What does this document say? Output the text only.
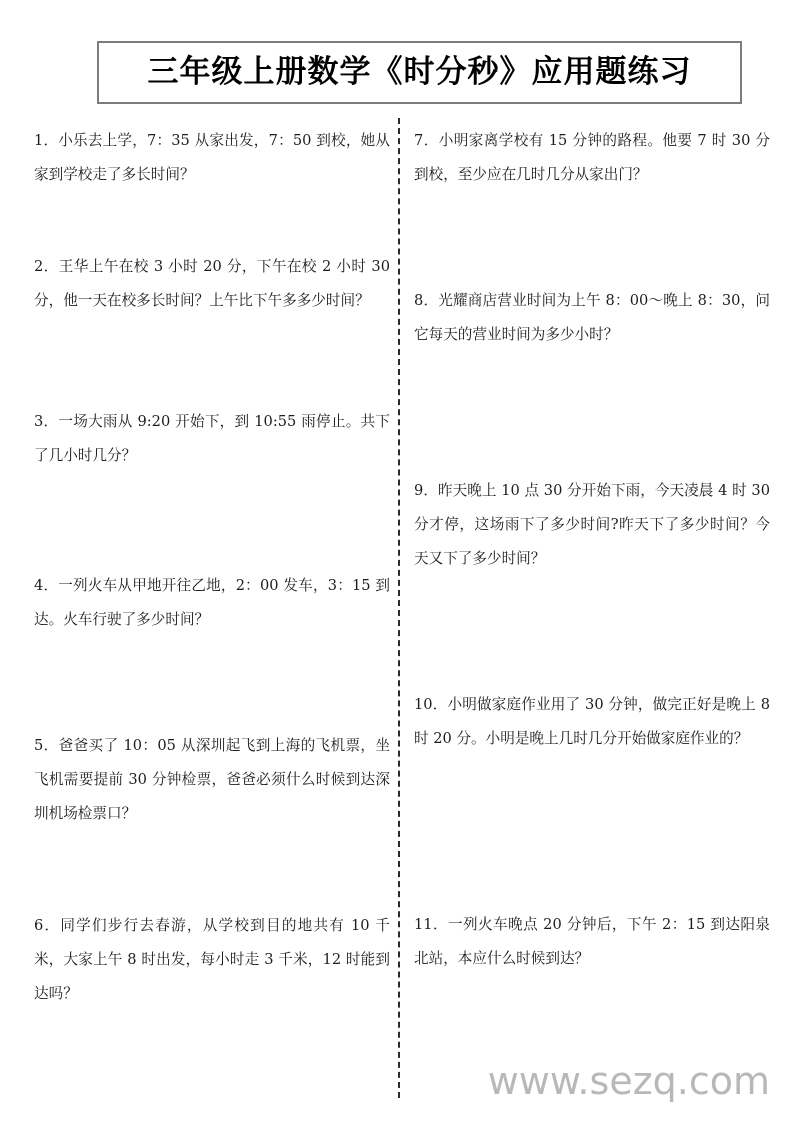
三年级上册数学《时分秒》应用题练习

1．小乐去上学，7：35 从家出发，7：50 到校，她从家到学校走了多长时间？

2．王华上午在校 3 小时 20 分，下午在校 2 小时 30 分，他一天在校多长时间？上午比下午多多少时间？

3．一场大雨从 9:20 开始下，到 10:55 雨停止。共下了几小时几分？

4．一列火车从甲地开往乙地，2：00 发车，3：15 到达。火车行驶了多少时间？

5．爸爸买了 10：05 从深圳起飞到上海的飞机票，坐飞机需要提前 30 分钟检票，爸爸必须什么时候到达深圳机场检票口？

6．同学们步行去春游，从学校到目的地共有 10 千米，大家上午 8 时出发，每小时走 3 千米，12 时能到达吗？

7．小明家离学校有 15 分钟的路程。他要 7 时 30 分到校，至少应在几时几分从家出门？

8．光耀商店营业时间为上午 8：00～晚上 8：30，问它每天的营业时间为多少小时？

9．昨天晚上 10 点 30 分开始下雨，今天凌晨 4 时 30 分才停，这场雨下了多少时间?昨天下了多少时间？今天又下了多少时间？

10．小明做家庭作业用了 30 分钟，做完正好是晚上 8 时 20 分。小明是晚上几时几分开始做家庭作业的？

11．一列火车晚点 20 分钟后，下午 2：15 到达阳泉北站，本应什么时候到达？

www.sezq.com
